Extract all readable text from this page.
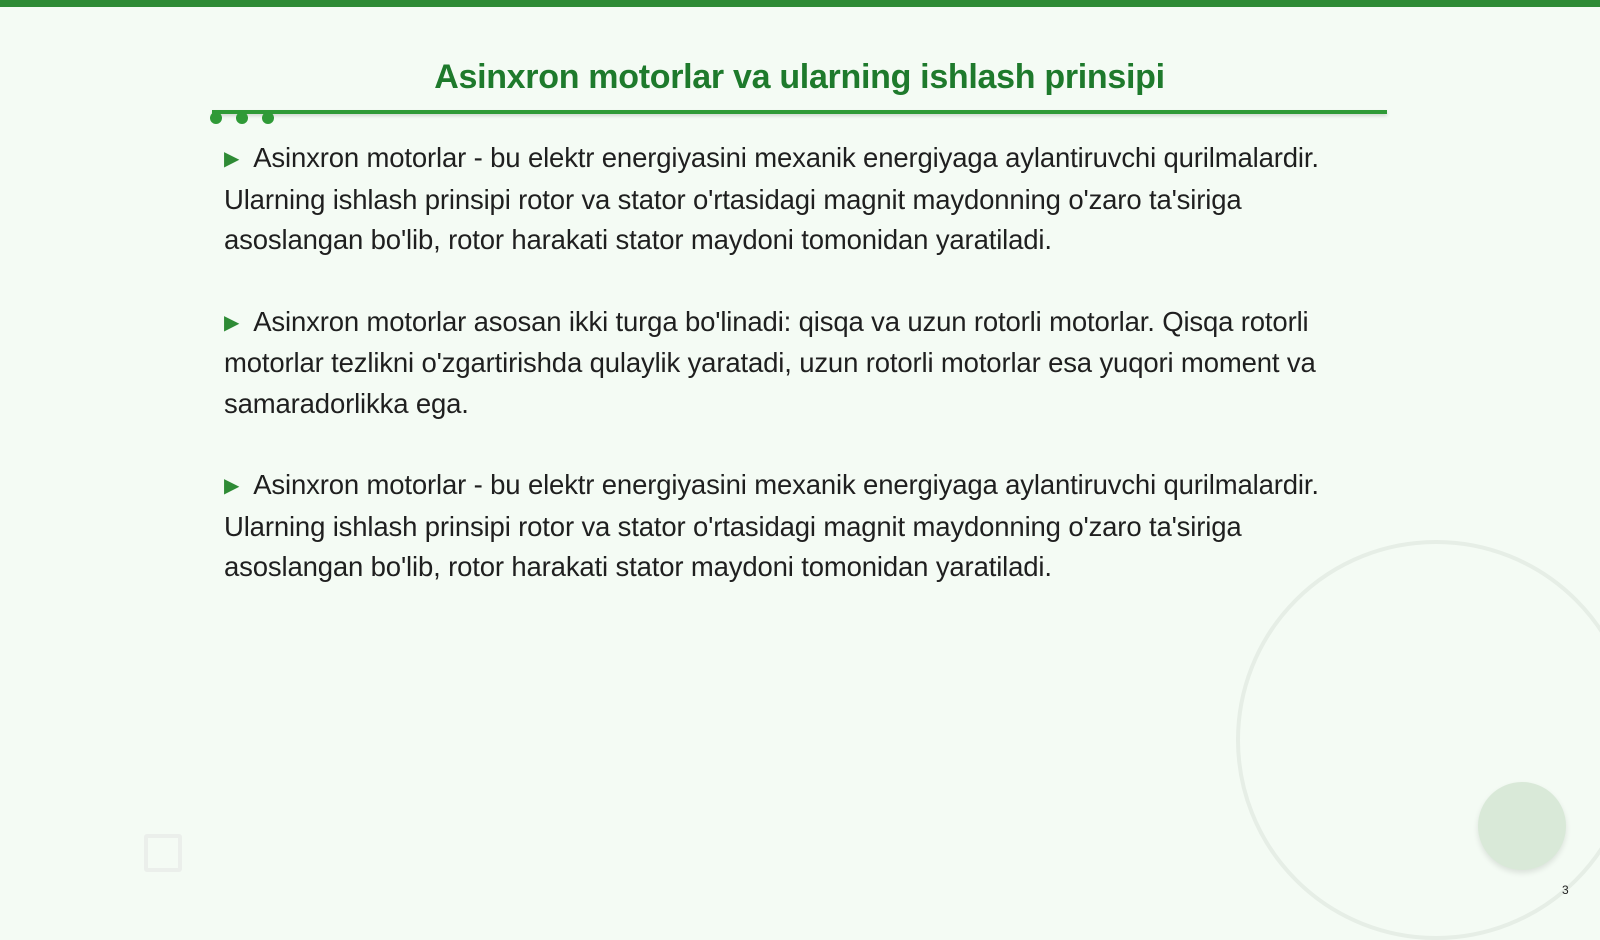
Asinxron motorlar va ularning ishlash prinsipi

▶ Asinxron motorlar - bu elektr energiyasini mexanik energiyaga aylantiruvchi qurilmalardir. Ularning ishlash prinsipi rotor va stator o'rtasidagi magnit maydonning o'zaro ta'siriga asoslangan bo'lib, rotor harakati stator maydoni tomonidan yaratiladi.

▶ Asinxron motorlar asosan ikki turga bo'linadi: qisqa va uzun rotorli motorlar. Qisqa rotorli motorlar tezlikni o'zgartirishda qulaylik yaratadi, uzun rotorli motorlar esa yuqori moment va samaradorlikka ega.

▶ Asinxron motorlar - bu elektr energiyasini mexanik energiyaga aylantiruvchi qurilmalardir. Ularning ishlash prinsipi rotor va stator o'rtasidagi magnit maydonning o'zaro ta'siriga asoslangan bo'lib, rotor harakati stator maydoni tomonidan yaratiladi.

3
